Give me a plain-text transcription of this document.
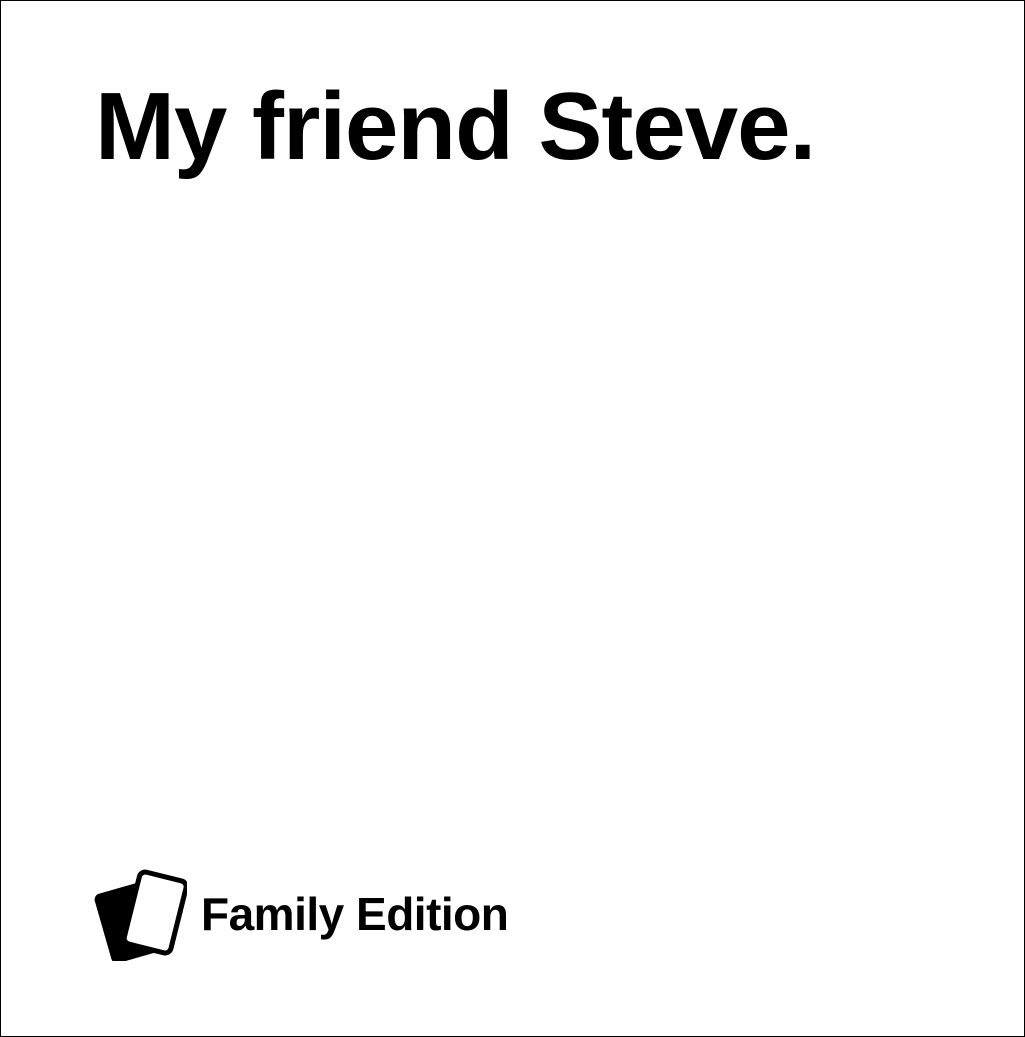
My friend Steve.
Family Edition
